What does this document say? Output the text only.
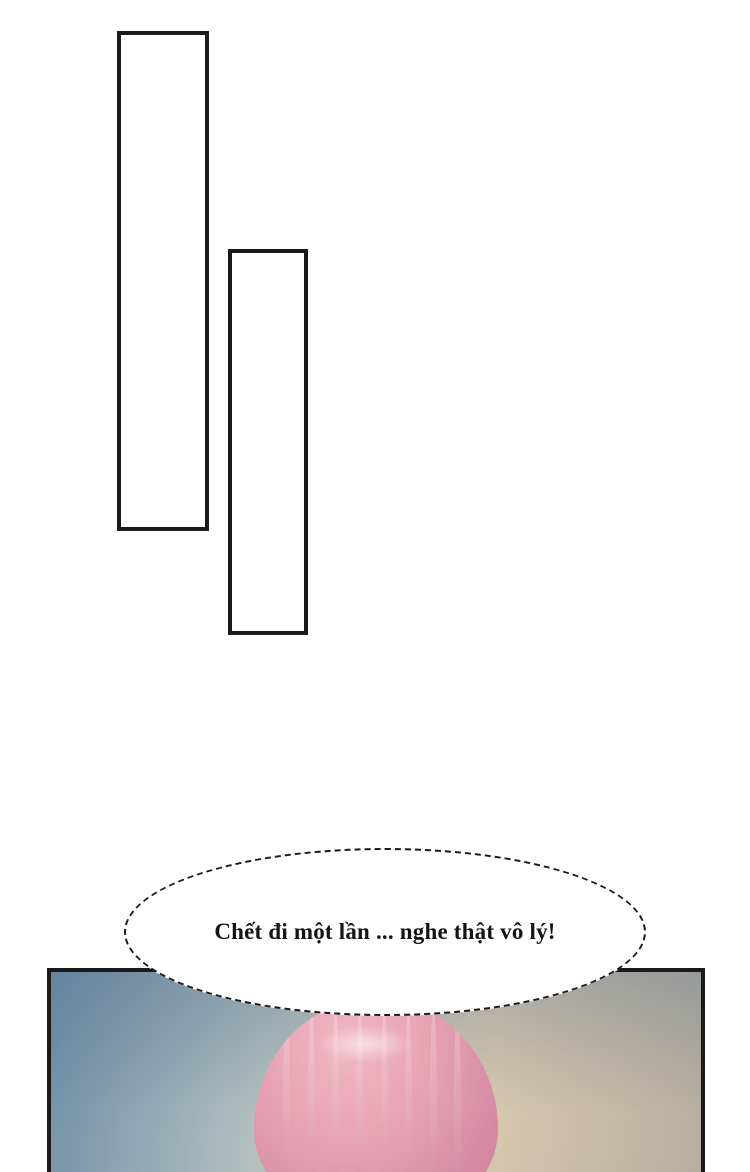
Chết đi một lần ... nghe thật vô lý!
